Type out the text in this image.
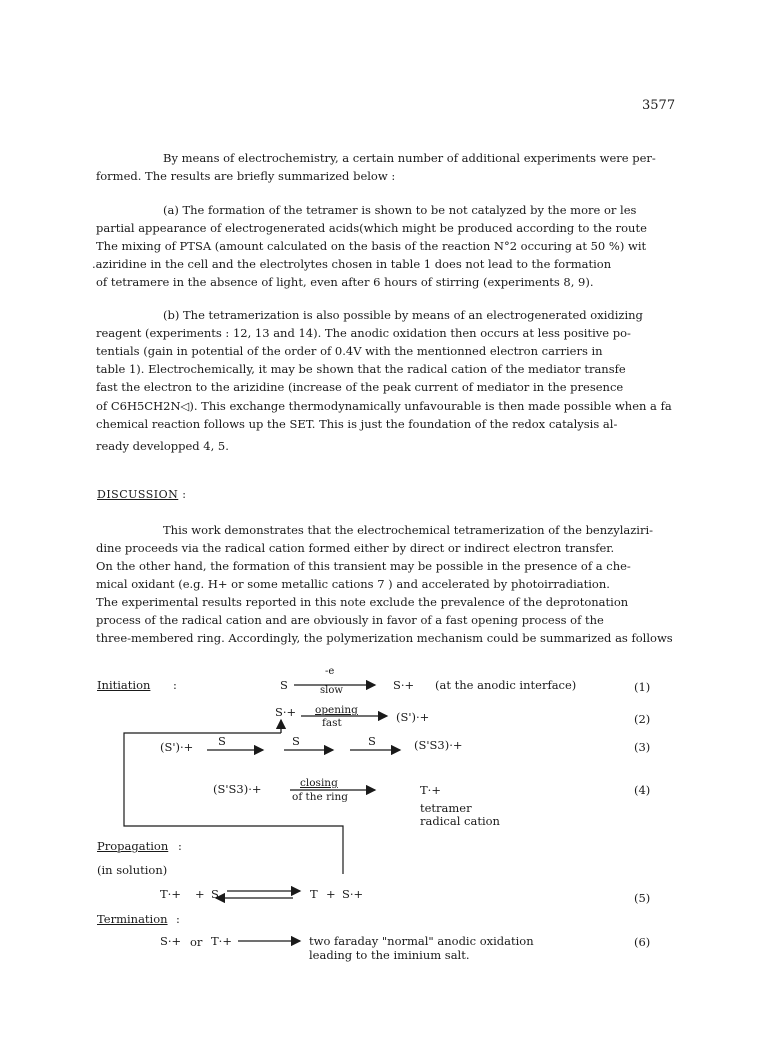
3577

By means of electrochemistry, a certain number of additional experiments were per-

formed. The results are briefly summarized below :

(a) The formation of the tetramer is shown to be not catalyzed by the more or les

partial appearance of electrogenerated acids(which might be produced according to the route

The mixing of PTSA (amount calculated on the basis of the reaction N°2 occuring at 50 %) wit

.aziridine in the cell and the electrolytes chosen in table 1 does not lead to the formation

of tetramere in the absence of light, even after 6 hours of stirring (experiments 8, 9).

(b) The tetramerization is also possible by means of an electrogenerated oxidizing

reagent (experiments : 12, 13 and 14). The anodic oxidation then occurs at less positive po-

tentials (gain in potential of the order of 0.4V with the mentionned electron carriers in

table 1). Electrochemically, it may be shown that the radical cation of the mediator transfe

fast the electron to the arizidine (increase of the peak current of mediator in the presence

of C6H5CH2N◁). This exchange thermodynamically unfavourable is then made possible when a fa

chemical reaction follows up the SET. This is just the foundation of the redox catalysis al-

ready developped 4, 5.

DISCUSSION :

This work demonstrates that the electrochemical tetramerization of the benzylaziri-

dine proceeds via the radical cation formed either by direct or indirect electron transfer.

On the other hand, the formation of this transient may be possible in the presence of a che-

mical oxidant (e.g. H+ or some metallic cations 7 ) and accelerated by photoirradiation.

The experimental results reported in this note exclude the prevalence of the deprotonation

process of the radical cation and are obviously in favor of a fast opening process of the

three-membered ring. Accordingly, the polymerization mechanism could be summarized as follows

Initiation :	S
-e
slow	S·+ (at the anodic interface)	(1)
S·+ opening
fast	(S')·+	(2)
(S')·+ S	S	S	(S'S3)·+	(3)
(S'S3)·+	closing
of the ring	T·+
tetramer
radical cation
(4)
Propagation :
(in solution)
T·+ + S	T + S·+	(5)
Termination :
S·+ or T·+	two faraday "normal" anodic oxidation
leading to the iminium salt.
(6)
